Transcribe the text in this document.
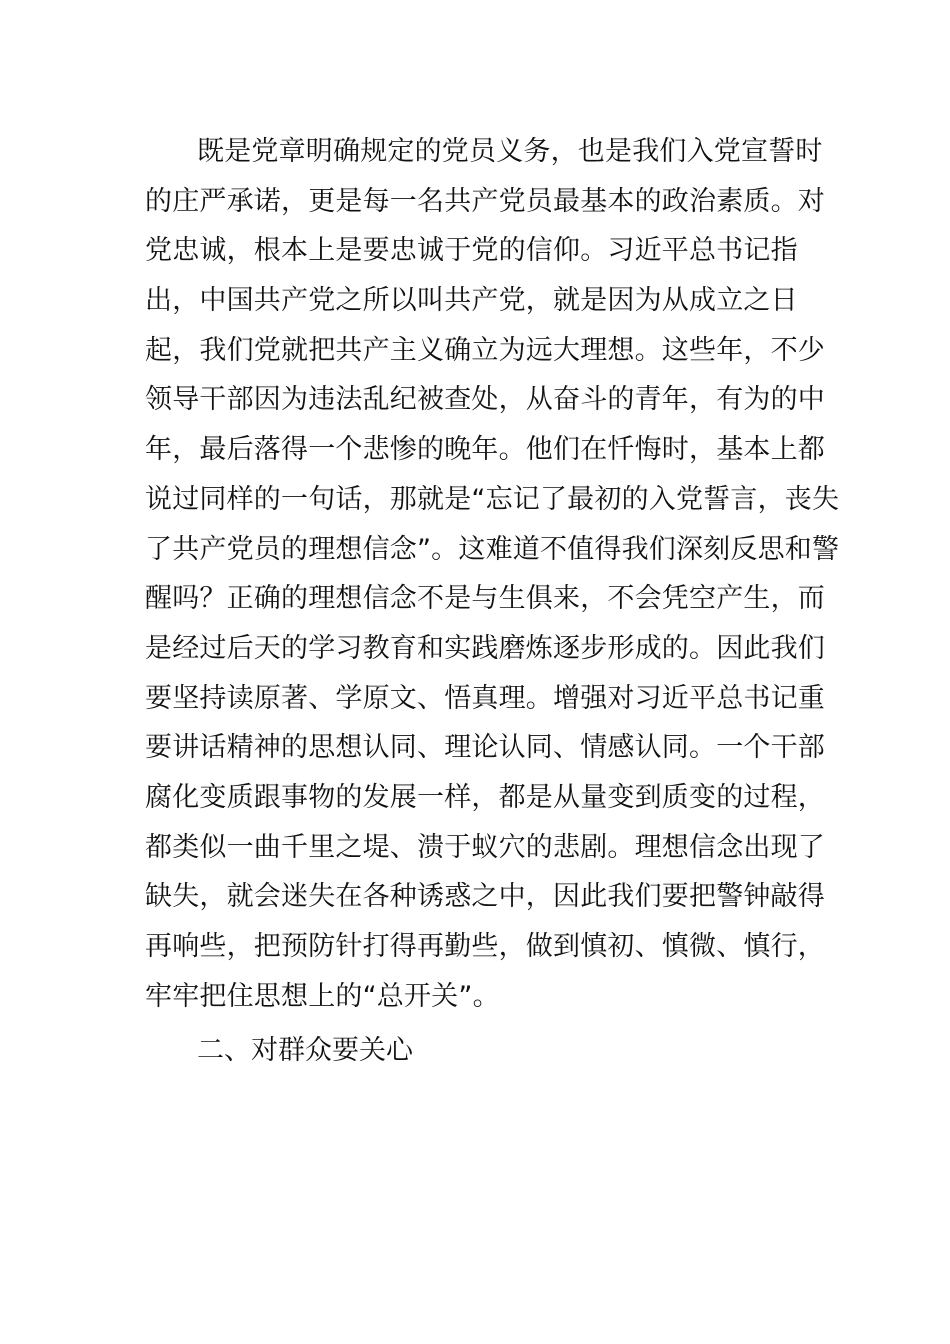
既是党章明确规定的党员义务，也是我们入党宣誓时
的庄严承诺，更是每一名共产党员最基本的政治素质。对
党忠诚，根本上是要忠诚于党的信仰。习近平总书记指
出，中国共产党之所以叫共产党，就是因为从成立之日
起，我们党就把共产主义确立为远大理想。这些年，不少
领导干部因为违法乱纪被查处，从奋斗的青年，有为的中
年，最后落得一个悲惨的晚年。他们在忏悔时，基本上都
说过同样的一句话，那就是“忘记了最初的入党誓言，丧失
了共产党员的理想信念”。这难道不值得我们深刻反思和警
醒吗？正确的理想信念不是与生俱来，不会凭空产生，而
是经过后天的学习教育和实践磨炼逐步形成的。因此我们
要坚持读原著、学原文、悟真理。增强对习近平总书记重
要讲话精神的思想认同、理论认同、情感认同。一个干部
腐化变质跟事物的发展一样，都是从量变到质变的过程，
都类似一曲千里之堤、溃于蚁穴的悲剧。理想信念出现了
缺失，就会迷失在各种诱惑之中，因此我们要把警钟敲得
再响些，把预防针打得再勤些，做到慎初、慎微、慎行，
牢牢把住思想上的“总开关”。

二、对群众要关心
